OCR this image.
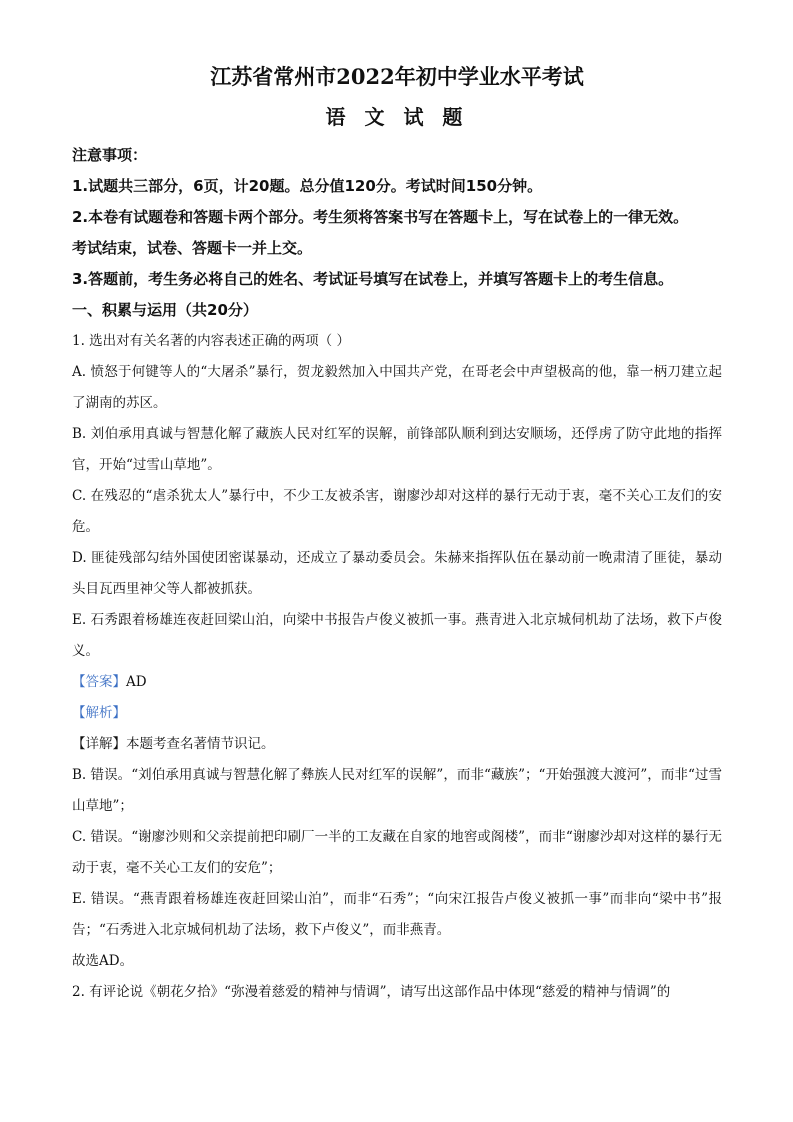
江苏省常州市2022年初中学业水平考试

语 文 试 题

注意事项：

1.试题共三部分，6页，计20题。总分值120分。考试时间150分钟。

2.本卷有试题卷和答题卡两个部分。考生须将答案书写在答题卡上，写在试卷上的一律无效。

考试结束，试卷、答题卡一并上交。

3.答题前，考生务必将自己的姓名、考试证号填写在试卷上，并填写答题卡上的考生信息。

一、积累与运用（共20分）

1. 选出对有关名著的内容表述正确的两项（ ）

A. 愤怒于何键等人的“大屠杀”暴行，贺龙毅然加入中国共产党，在哥老会中声望极高的他，靠一柄刀建立起了湖南的苏区。

B. 刘伯承用真诚与智慧化解了藏族人民对红军的误解，前锋部队顺利到达安顺场，还俘虏了防守此地的指挥官，开始“过雪山草地”。

C. 在残忍的“虐杀犹太人”暴行中，不少工友被杀害，谢廖沙却对这样的暴行无动于衷，毫不关心工友们的安危。

D. 匪徒残部勾结外国使团密谋暴动，还成立了暴动委员会。朱赫来指挥队伍在暴动前一晚肃清了匪徒，暴动头目瓦西里神父等人都被抓获。

E. 石秀跟着杨雄连夜赶回梁山泊，向梁中书报告卢俊义被抓一事。燕青进入北京城伺机劫了法场，救下卢俊义。

【答案】AD

【解析】

【详解】本题考查名著情节识记。

B. 错误。“刘伯承用真诚与智慧化解了彝族人民对红军的误解”，而非“藏族”；“开始强渡大渡河”，而非“过雪山草地”；

C. 错误。“谢廖沙则和父亲提前把印刷厂一半的工友藏在自家的地窖或阁楼”，而非“谢廖沙却对这样的暴行无动于衷，毫不关心工友们的安危”；

E. 错误。“燕青跟着杨雄连夜赶回梁山泊”，而非“石秀”；“向宋江报告卢俊义被抓一事”而非向“梁中书”报告；“石秀进入北京城伺机劫了法场，救下卢俊义”，而非燕青。

故选AD。

2. 有评论说《朝花夕拾》“弥漫着慈爱的精神与情调”，请写出这部作品中体现“慈爱的精神与情调”的
